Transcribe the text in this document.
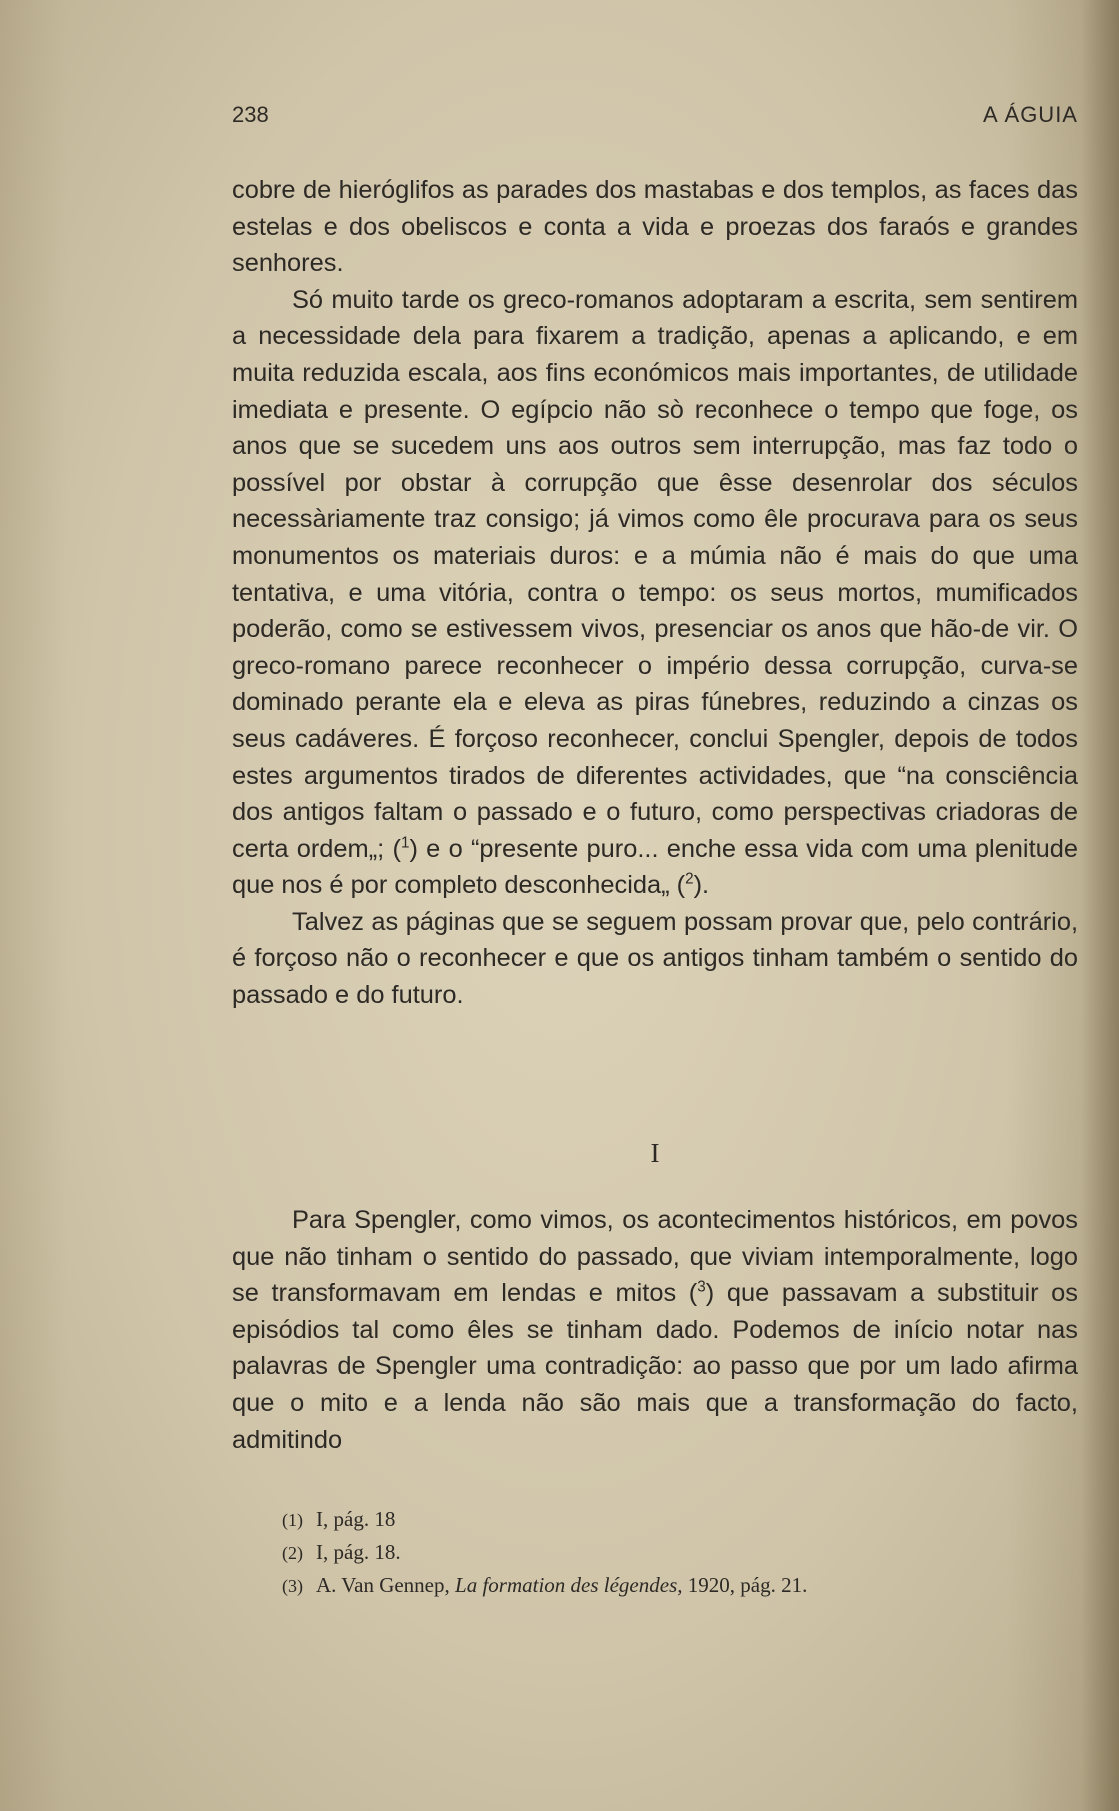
238	A ÁGUIA

cobre de hieróglifos as parades dos mastabas e dos templos, as faces das estelas e dos obeliscos e conta a vida e proezas dos faraós e grandes senhores.

Só muito tarde os greco-romanos adoptaram a escrita, sem sentirem a necessidade dela para fixarem a tradição, apenas a aplicando, e em muita reduzida escala, aos fins económicos mais importantes, de utilidade imediata e presente. O egípcio não sò reconhece o tempo que foge, os anos que se sucedem uns aos outros sem interrupção, mas faz todo o possível por obstar à corrupção que êsse desenrolar dos séculos necessàriamente traz consigo; já vimos como êle procurava para os seus monumentos os materiais duros: e a múmia não é mais do que uma tentativa, e uma vitória, contra o tempo: os seus mortos, mumificados poderão, como se estivessem vivos, presenciar os anos que hão-de vir. O greco-romano parece reconhecer o império dessa corrupção, curva-se dominado perante ela e eleva as piras fúnebres, reduzindo a cinzas os seus cadáveres. É forçoso reconhecer, conclui Spengler, depois de todos estes argumentos tirados de diferentes actividades, que “na consciência dos antigos faltam o passado e o futuro, como perspectivas criadoras de certa ordem„; ($^1$) e o “presente puro... enche essa vida com uma plenitude que nos é por completo desconhecida„ ($^2$).

Talvez as páginas que se seguem possam provar que, pelo contrário, é forçoso não o reconhecer e que os antigos tinham também o sentido do passado e do futuro.

I

Para Spengler, como vimos, os acontecimentos históricos, em povos que não tinham o sentido do passado, que viviam intemporalmente, logo se transformavam em lendas e mitos ($^3$) que passavam a substituir os episódios tal como êles se tinham dado. Podemos de início notar nas palavras de Spengler uma contradição: ao passo que por um lado afirma que o mito e a lenda não são mais que a transformação do facto, admitindo

(1) I, pág. 18
(2) I, pág. 18.
(3) A. Van Gennep, La formation des légendes, 1920, pág. 21.
